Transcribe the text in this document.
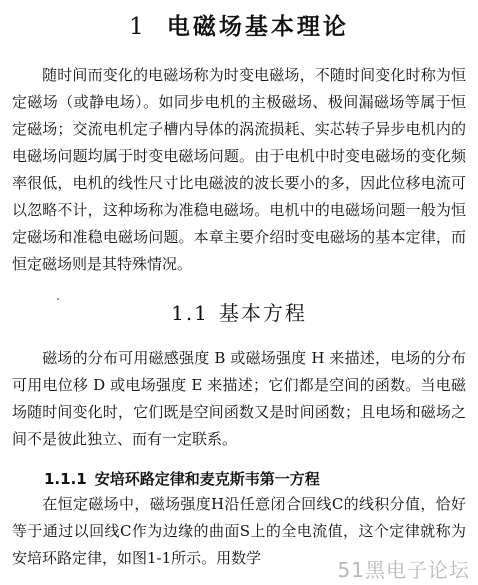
1 电磁场基本理论
随时间而变化的电磁场称为时变电磁场，不随时间变化时称为恒定磁场（或静电场）。如同步电机的主极磁场、极间漏磁场等属于恒定磁场；交流电机定子槽内导体的涡流损耗、实芯转子异步电机内的电磁场问题均属于时变电磁场问题。由于电机中时变电磁场的变化频率很低，电机的线性尺寸比电磁波的波长要小的多，因此位移电流可以忽略不计，这种场称为准稳电磁场。电机中的电磁场问题一般为恒定磁场和准稳电磁场问题。本章主要介绍时变电磁场的基本定律，而恒定磁场则是其特殊情况。
1.1 基本方程
磁场的分布可用磁感强度 B 或磁场强度 H 来描述，电场的分布可用电位移 D 或电场强度 E 来描述；它们都是空间的函数。当电磁场随时间变化时，它们既是空间函数又是时间函数；且电场和磁场之间不是彼此独立、而有一定联系。
1.1.1 安培环路定律和麦克斯韦第一方程
在恒定磁场中，磁场强度H沿任意闭合回线C的线积分值，恰好等于通过以回线C作为边缘的曲面S上的全电流值，这个定律就称为安培环路定律，如图1-1所示。用数学	51黑电子论坛
